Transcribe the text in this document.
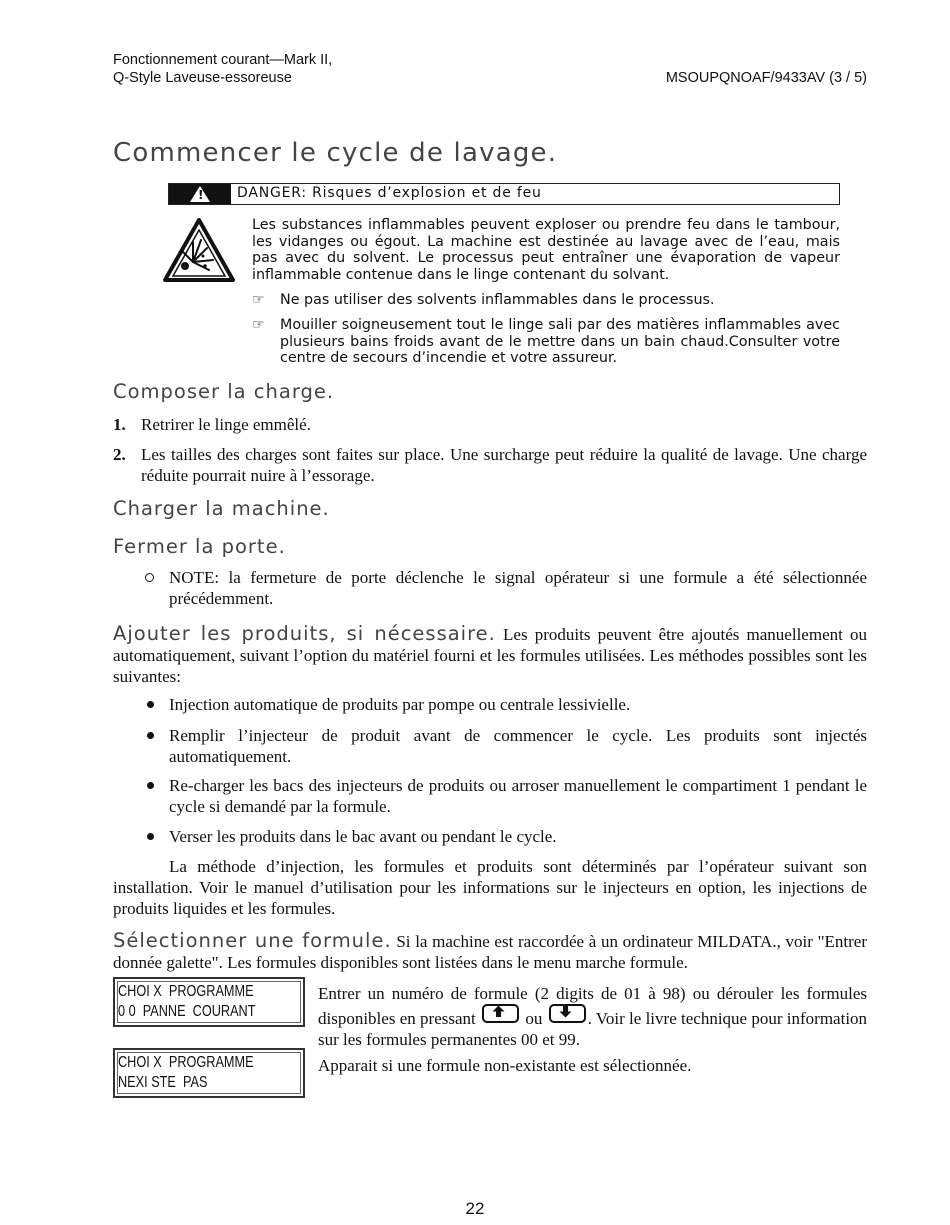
Fonctionnement courant—Mark II,
Q-Style Laveuse-essoreuse	MSOUPQNOAF/9433AV (3 / 5)
Commencer le cycle de lavage.
! DANGER: Risques d’explosion et de feu
Les substances inflammables peuvent exploser ou prendre feu dans le tambour, les vidanges ou égout. La machine est destinée au lavage avec de l’eau, mais pas avec du solvent. Le processus peut entraîner une évaporation de vapeur inflammable contenue dans le linge contenant du solvant.
☞ Ne pas utiliser des solvents inflammables dans le processus.
☞ Mouiller soigneusement tout le linge sali par des matières inflammables avec plusieurs bains froids avant de le mettre dans un bain chaud.Consulter votre centre de secours d’incendie et votre assureur.
Composer la charge.
1. Retrirer le linge emmêlé.
2. Les tailles des charges sont faites sur place. Une surcharge peut réduire la qualité de lavage. Une charge réduite pourrait nuire à l’essorage.
Charger la machine.
Fermer la porte.
NOTE: la fermeture de porte déclenche le signal opérateur si une formule a été sélectionnée précédemment.
Ajouter les produits, si nécessaire. Les produits peuvent être ajoutés manuellement ou automatiquement, suivant l’option du matériel fourni et les formules utilisées. Les méthodes possibles sont les suivantes:
Injection automatique de produits par pompe ou centrale lessivielle.
Remplir l’injecteur de produit avant de commencer le cycle. Les produits sont injectés automatiquement.
Re-charger les bacs des injecteurs de produits ou arroser manuellement le compartiment 1 pendant le cycle si demandé par la formule.
Verser les produits dans le bac avant ou pendant le cycle.
La méthode d’injection, les formules et produits sont déterminés par l’opérateur suivant son installation. Voir le manuel d’utilisation pour les informations sur le injecteurs en option, les injections de produits liquides et les formules.
Sélectionner une formule. Si la machine est raccordée à un ordinateur MILDATA., voir "Entrer donnée galette". Les formules disponibles sont listées dans le menu marche formule.
CHOI X  PROGRAMME
0 0  PANNE  COURANT
Entrer un numéro de formule (2 digits de 01 à 98) ou dérouler les formules disponibles en pressant	ou	. Voir le livre technique pour information sur les formules permanentes 00 et 99.
CHOI X  PROGRAMME
NEXI STE  PAS
Apparait si une formule non-existante est sélectionnée.
22
